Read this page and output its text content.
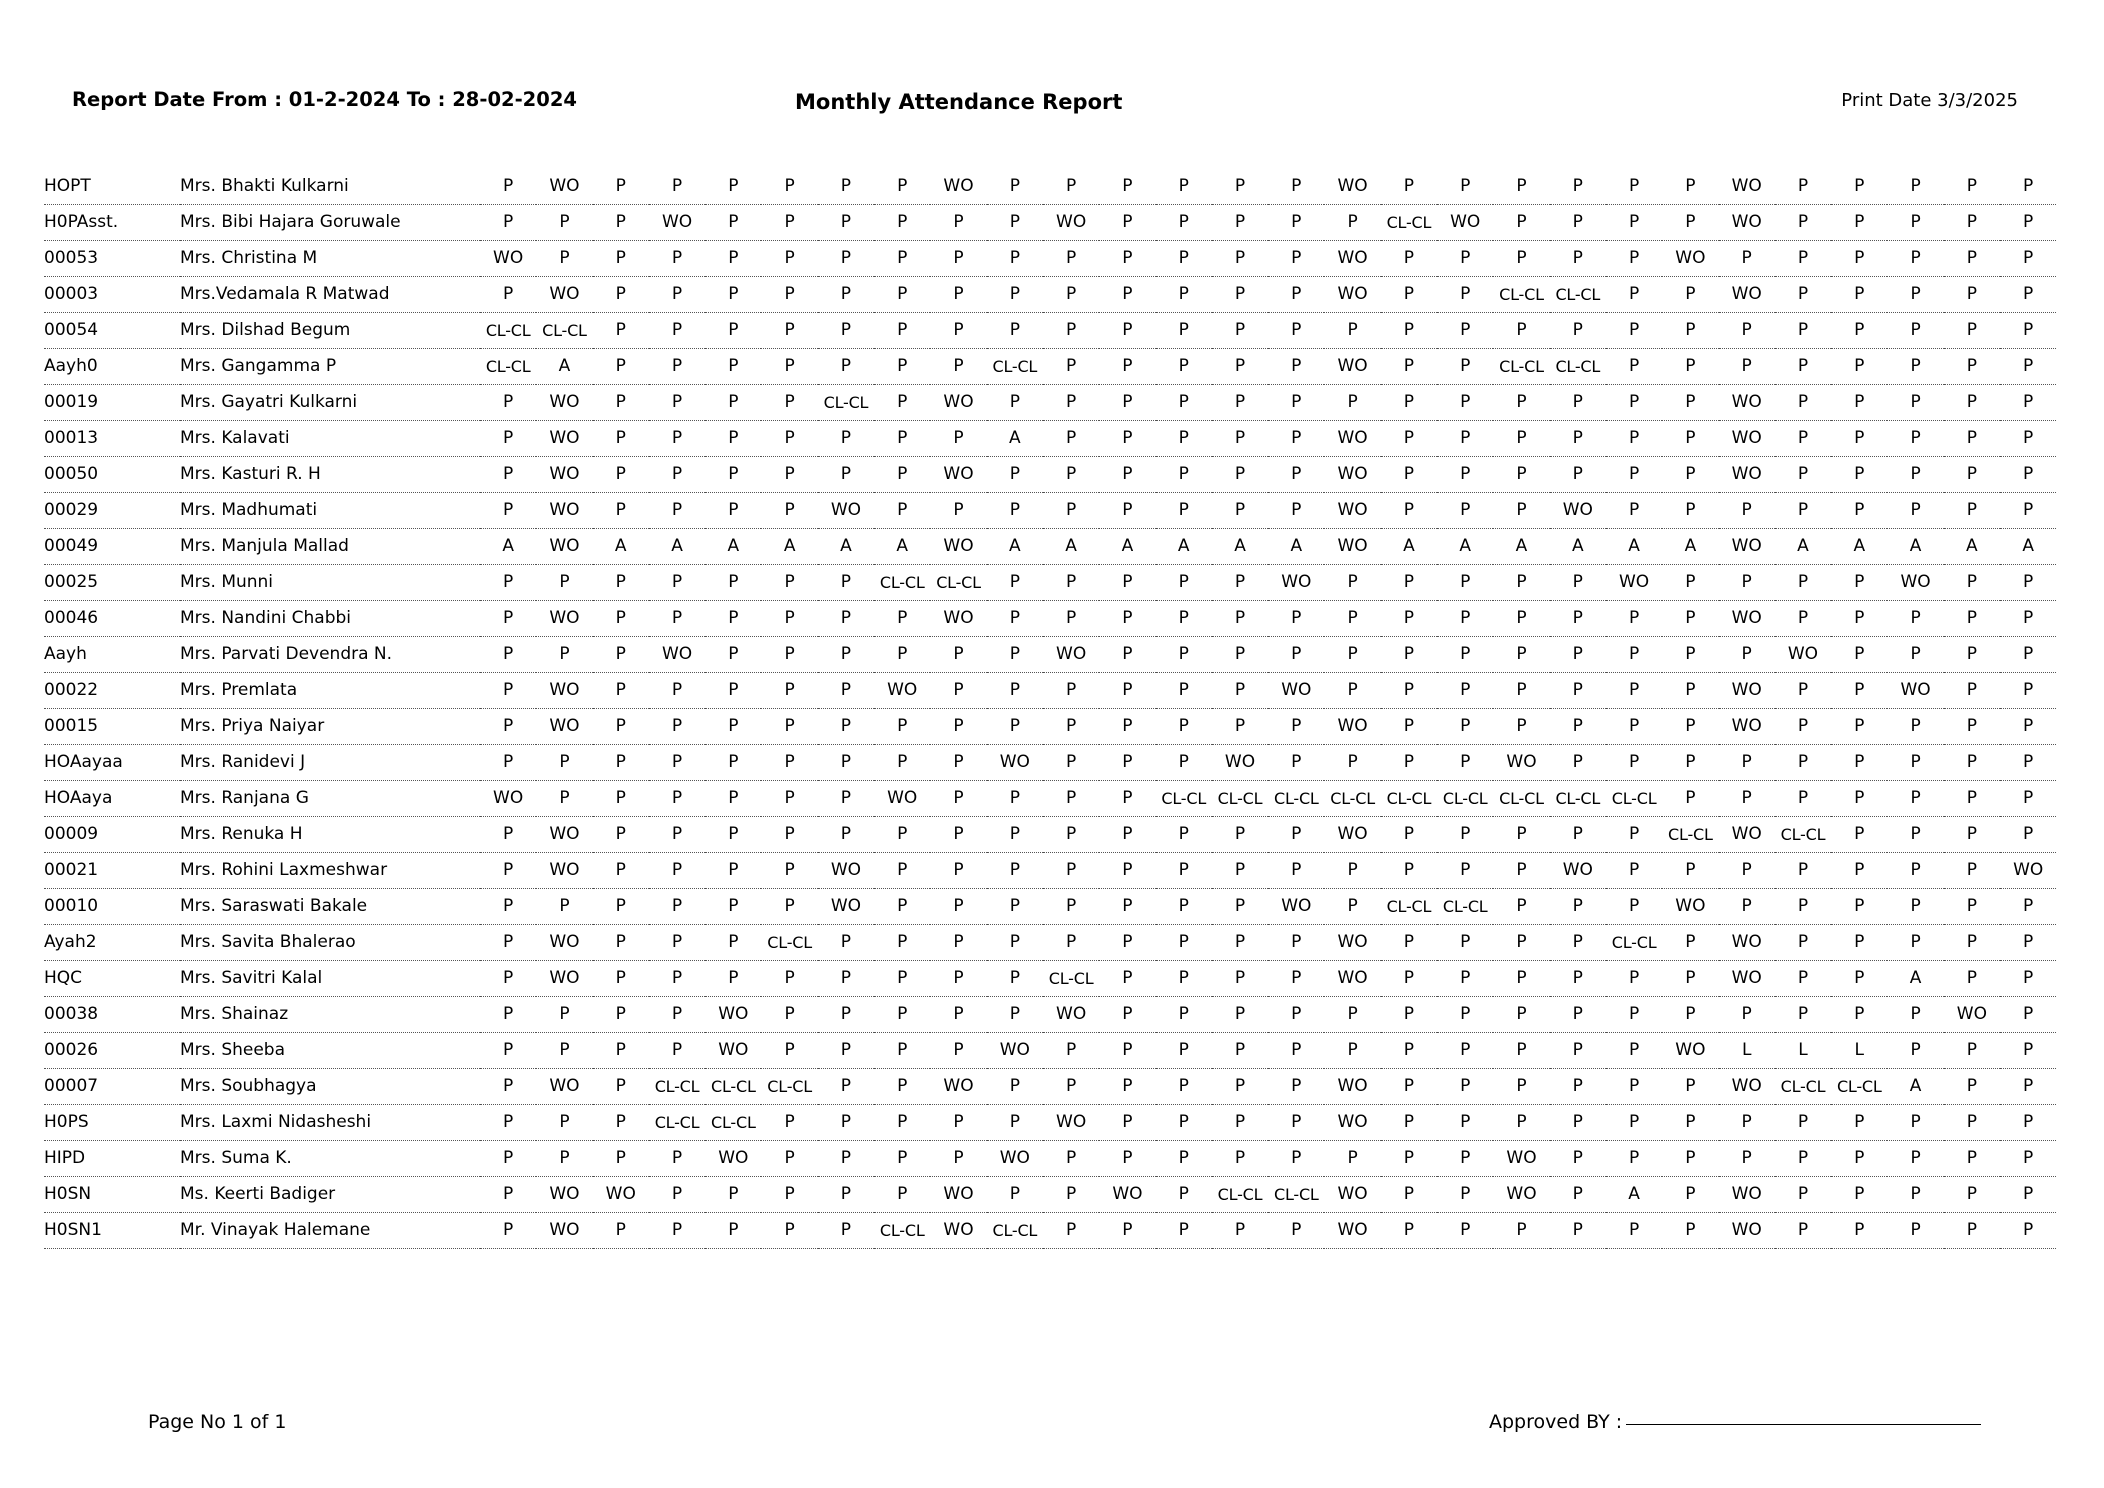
Report Date From : 01-2-2024 To : 28-02-2024	Monthly Attendance Report	Print Date 3/3/2025
HOPT	Mrs. Bhakti Kulkarni	P	WO	P	P	P	P	P	P	WO	P	P	P	P	P	P	WO	P	P	P	P	P	P	WO	P	P	P	P	P
H0PAsst.	Mrs. Bibi Hajara Goruwale	P	P	P	WO	P	P	P	P	P	P	WO	P	P	P	P	P	CL-CL	WO	P	P	P	P	WO	P	P	P	P	P
00053	Mrs. Christina M	WO	P	P	P	P	P	P	P	P	P	P	P	P	P	P	WO	P	P	P	P	P	WO	P	P	P	P	P	P
00003	Mrs.Vedamala R Matwad	P	WO	P	P	P	P	P	P	P	P	P	P	P	P	P	WO	P	P	CL-CL	CL-CL	P	P	WO	P	P	P	P	P
00054	Mrs. Dilshad Begum	CL-CL	CL-CL	P	P	P	P	P	P	P	P	P	P	P	P	P	P	P	P	P	P	P	P	P	P	P	P	P	P
Aayh0	Mrs. Gangamma P	CL-CL	A	P	P	P	P	P	P	P	CL-CL	P	P	P	P	P	WO	P	P	CL-CL	CL-CL	P	P	P	P	P	P	P	P
00019	Mrs. Gayatri Kulkarni	P	WO	P	P	P	P	CL-CL	P	WO	P	P	P	P	P	P	P	P	P	P	P	P	P	WO	P	P	P	P	P
00013	Mrs. Kalavati	P	WO	P	P	P	P	P	P	P	A	P	P	P	P	P	WO	P	P	P	P	P	P	WO	P	P	P	P	P
00050	Mrs. Kasturi R. H	P	WO	P	P	P	P	P	P	WO	P	P	P	P	P	P	WO	P	P	P	P	P	P	WO	P	P	P	P	P
00029	Mrs. Madhumati	P	WO	P	P	P	P	WO	P	P	P	P	P	P	P	P	WO	P	P	P	WO	P	P	P	P	P	P	P	P
00049	Mrs. Manjula Mallad	A	WO	A	A	A	A	A	A	WO	A	A	A	A	A	A	WO	A	A	A	A	A	A	WO	A	A	A	A	A
00025	Mrs. Munni	P	P	P	P	P	P	P	CL-CL	CL-CL	P	P	P	P	P	WO	P	P	P	P	P	WO	P	P	P	P	WO	P	P
00046	Mrs. Nandini Chabbi	P	WO	P	P	P	P	P	P	WO	P	P	P	P	P	P	P	P	P	P	P	P	P	WO	P	P	P	P	P
Aayh	Mrs. Parvati Devendra N.	P	P	P	WO	P	P	P	P	P	P	WO	P	P	P	P	P	P	P	P	P	P	P	P	WO	P	P	P	P
00022	Mrs. Premlata	P	WO	P	P	P	P	P	WO	P	P	P	P	P	P	WO	P	P	P	P	P	P	P	WO	P	P	WO	P	P
00015	Mrs. Priya Naiyar	P	WO	P	P	P	P	P	P	P	P	P	P	P	P	P	WO	P	P	P	P	P	P	WO	P	P	P	P	P
HOAayaa	Mrs. Ranidevi J	P	P	P	P	P	P	P	P	P	WO	P	P	P	WO	P	P	P	P	WO	P	P	P	P	P	P	P	P	P
HOAaya	Mrs. Ranjana G	WO	P	P	P	P	P	P	WO	P	P	P	P	CL-CL	CL-CL	CL-CL	CL-CL	CL-CL	CL-CL	CL-CL	CL-CL	CL-CL	P	P	P	P	P	P	P
00009	Mrs. Renuka H	P	WO	P	P	P	P	P	P	P	P	P	P	P	P	P	WO	P	P	P	P	P	CL-CL	WO	CL-CL	P	P	P	P
00021	Mrs. Rohini Laxmeshwar	P	WO	P	P	P	P	WO	P	P	P	P	P	P	P	P	P	P	P	P	WO	P	P	P	P	P	P	P	WO
00010	Mrs. Saraswati Bakale	P	P	P	P	P	P	WO	P	P	P	P	P	P	P	WO	P	CL-CL	CL-CL	P	P	P	WO	P	P	P	P	P	P
Ayah2	Mrs. Savita Bhalerao	P	WO	P	P	P	CL-CL	P	P	P	P	P	P	P	P	P	WO	P	P	P	P	CL-CL	P	WO	P	P	P	P	P
HQC	Mrs. Savitri Kalal	P	WO	P	P	P	P	P	P	P	P	CL-CL	P	P	P	P	WO	P	P	P	P	P	P	WO	P	P	A	P	P
00038	Mrs. Shainaz	P	P	P	P	WO	P	P	P	P	P	WO	P	P	P	P	P	P	P	P	P	P	P	P	P	P	P	WO	P
00026	Mrs. Sheeba	P	P	P	P	WO	P	P	P	P	WO	P	P	P	P	P	P	P	P	P	P	P	WO	L	L	L	P	P	P
00007	Mrs. Soubhagya	P	WO	P	CL-CL	CL-CL	CL-CL	P	P	WO	P	P	P	P	P	P	WO	P	P	P	P	P	P	WO	CL-CL	CL-CL	A	P	P
H0PS	Mrs. Laxmi Nidasheshi	P	P	P	CL-CL	CL-CL	P	P	P	P	P	WO	P	P	P	P	WO	P	P	P	P	P	P	P	P	P	P	P	P
HIPD	Mrs. Suma K.	P	P	P	P	WO	P	P	P	P	WO	P	P	P	P	P	P	P	P	WO	P	P	P	P	P	P	P	P	P
H0SN	Ms. Keerti Badiger	P	WO	WO	P	P	P	P	P	WO	P	P	WO	P	CL-CL	CL-CL	WO	P	P	WO	P	A	P	WO	P	P	P	P	P
H0SN1	Mr. Vinayak Halemane	P	WO	P	P	P	P	P	CL-CL	WO	CL-CL	P	P	P	P	P	WO	P	P	P	P	P	P	WO	P	P	P	P	P
Page No 1 of 1	Approved BY :
